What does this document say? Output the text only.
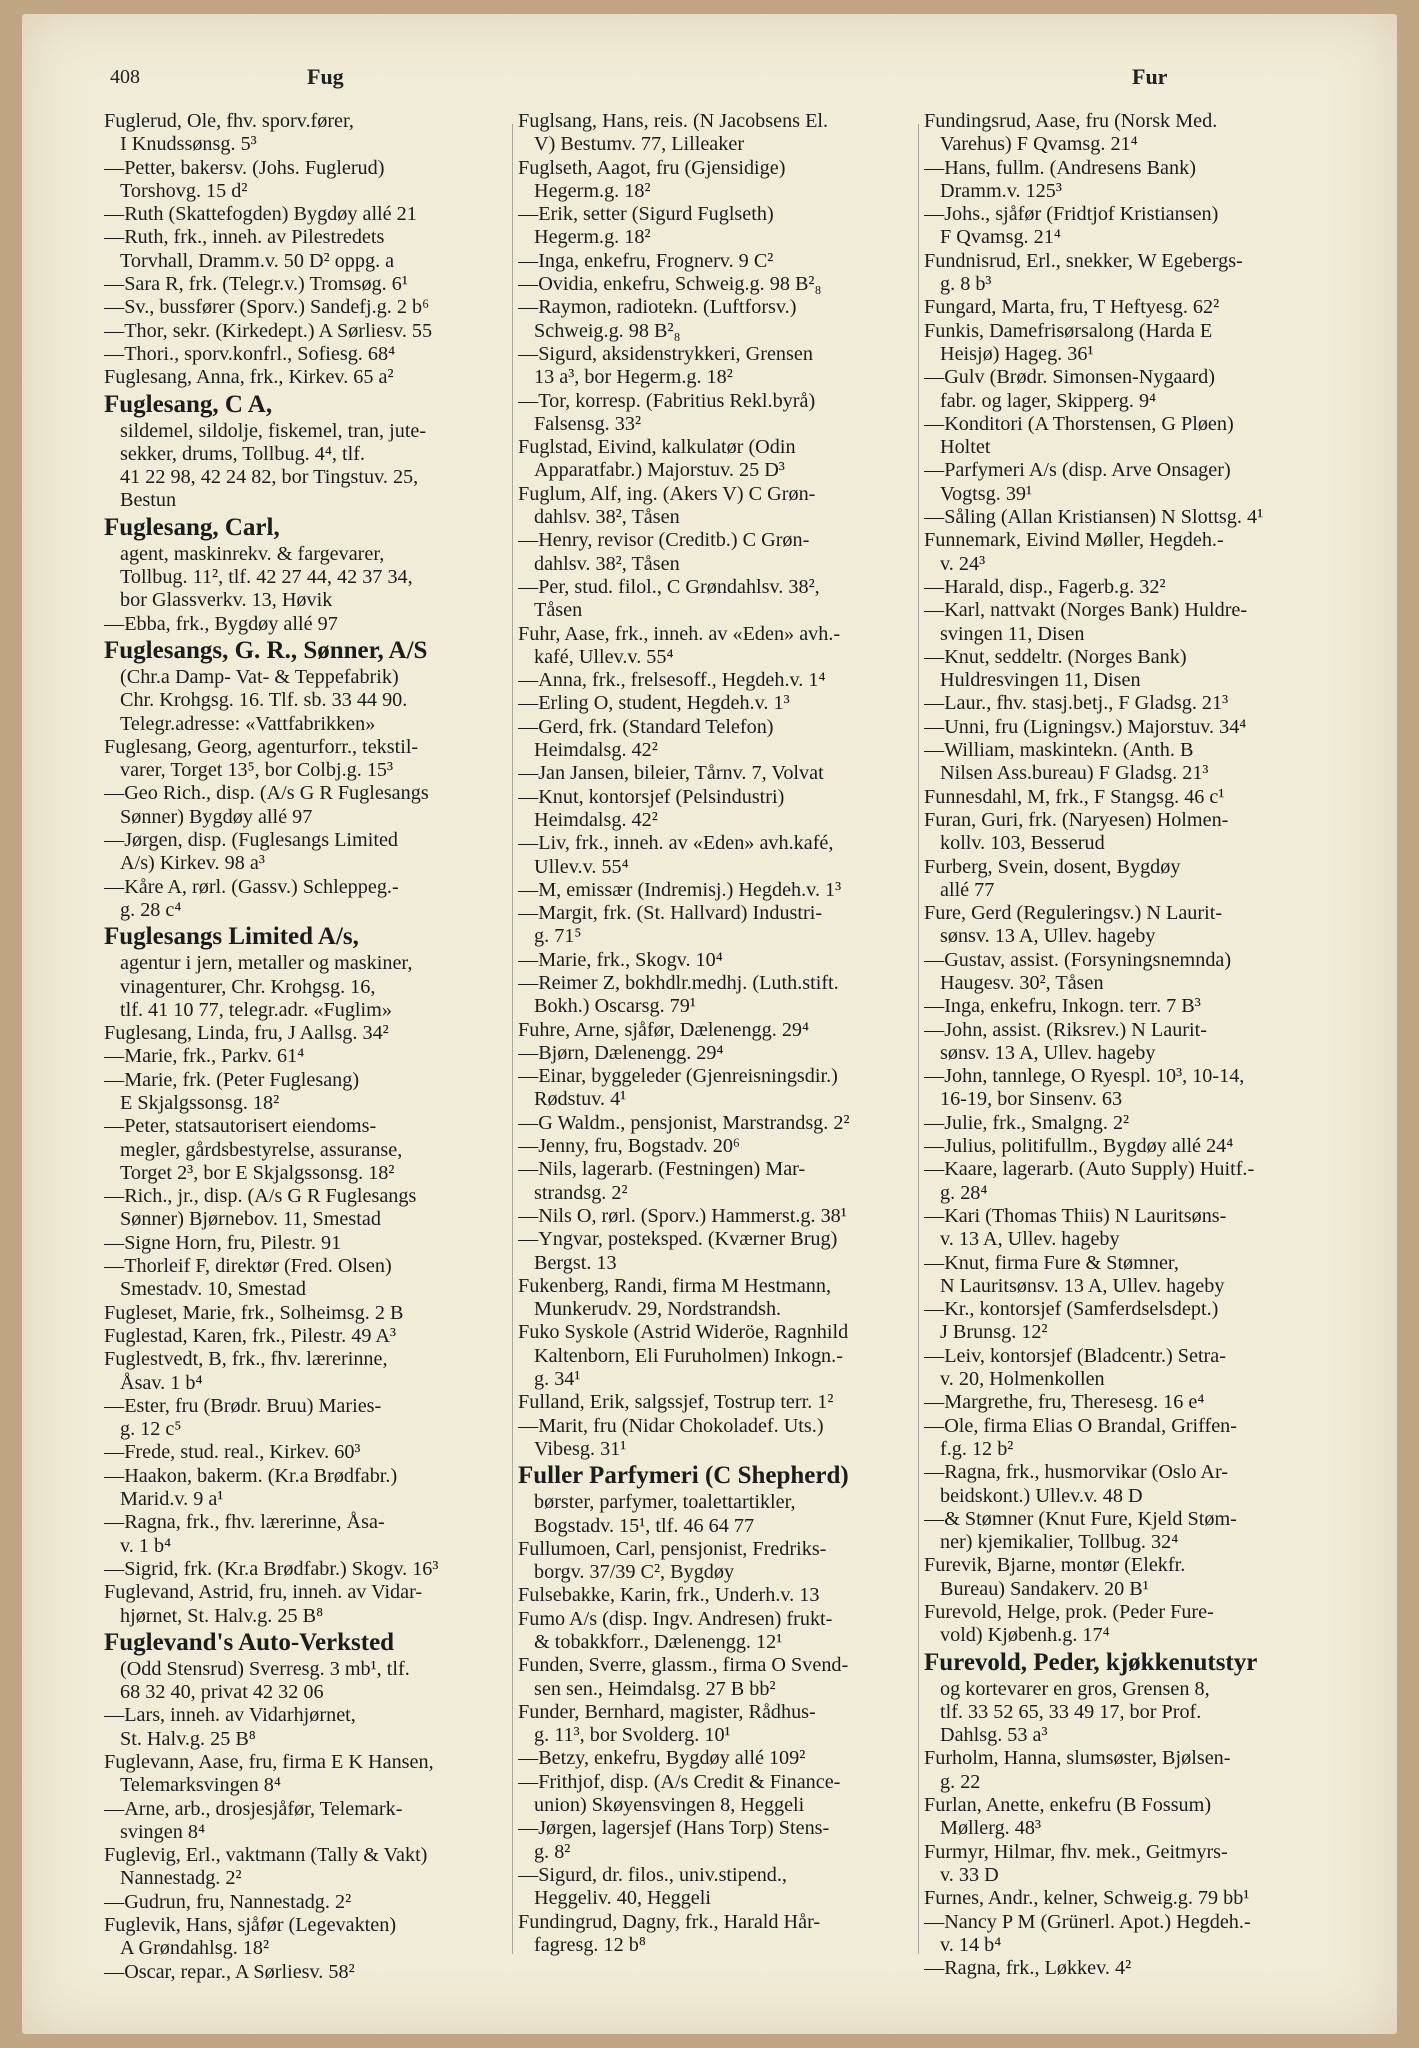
408	Fug	Fur
Fuglerud, Ole, fhv. sporv.fører,
I Knudssønsg. 5³
—Petter, bakersv. (Johs. Fuglerud)
Torshovg. 15 d²
—Ruth (Skattefogden) Bygdøy allé 21
—Ruth, frk., inneh. av Pilestredets
Torvhall, Dramm.v. 50 D² oppg. a
—Sara R, frk. (Telegr.v.) Tromsøg. 6¹
—Sv., bussfører (Sporv.) Sandefj.g. 2 b⁶
—Thor, sekr. (Kirkedept.) A Sørliesv. 55
—Thori., sporv.konfrl., Sofiesg. 68⁴
Fuglesang, Anna, frk., Kirkev. 65 a²
Fuglesang, C A,
sildemel, sildolje, fiskemel, tran, jute-
sekker, drums, Tollbug. 4⁴, tlf.
41 22 98, 42 24 82, bor Tingstuv. 25,
Bestun
Fuglesang, Carl,
agent, maskinrekv. & fargevarer,
Tollbug. 11², tlf. 42 27 44, 42 37 34,
bor Glassverkv. 13, Høvik
—Ebba, frk., Bygdøy allé 97
Fuglesangs, G. R., Sønner, A/S
(Chr.a Damp- Vat- & Teppefabrik)
Chr. Krohgsg. 16. Tlf. sb. 33 44 90.
Telegr.adresse: «Vattfabrikken»
Fuglesang, Georg, agenturforr., tekstil-
varer, Torget 13⁵, bor Colbj.g. 15³
—Geo Rich., disp. (A/s G R Fuglesangs
Sønner) Bygdøy allé 97
—Jørgen, disp. (Fuglesangs Limited
A/s) Kirkev. 98 a³
—Kåre A, rørl. (Gassv.) Schleppeg.-
g. 28 c⁴
Fuglesangs Limited A/s,
agentur i jern, metaller og maskiner,
vinagenturer, Chr. Krohgsg. 16,
tlf. 41 10 77, telegr.adr. «Fuglim»
Fuglesang, Linda, fru, J Aallsg. 34²
—Marie, frk., Parkv. 61⁴
—Marie, frk. (Peter Fuglesang)
E Skjalgssonsg. 18²
—Peter, statsautorisert eiendoms-
megler, gårdsbestyrelse, assuranse,
Torget 2³, bor E Skjalgssonsg. 18²
—Rich., jr., disp. (A/s G R Fuglesangs
Sønner) Bjørnebov. 11, Smestad
—Signe Horn, fru, Pilestr. 91
—Thorleif F, direktør (Fred. Olsen)
Smestadv. 10, Smestad
Fugleset, Marie, frk., Solheimsg. 2 B
Fuglestad, Karen, frk., Pilestr. 49 A³
Fuglestvedt, B, frk., fhv. lærerinne,
Åsav. 1 b⁴
—Ester, fru (Brødr. Bruu) Maries-
g. 12 c⁵
—Frede, stud. real., Kirkev. 60³
—Haakon, bakerm. (Kr.a Brødfabr.)
Marid.v. 9 a¹
—Ragna, frk., fhv. lærerinne, Åsa-
v. 1 b⁴
—Sigrid, frk. (Kr.a Brødfabr.) Skogv. 16³
Fuglevand, Astrid, fru, inneh. av Vidar-
hjørnet, St. Halv.g. 25 B⁸
Fuglevand's Auto-Verksted
(Odd Stensrud) Sverresg. 3 mb¹, tlf.
68 32 40, privat 42 32 06
—Lars, inneh. av Vidarhjørnet,
St. Halv.g. 25 B⁸
Fuglevann, Aase, fru, firma E K Hansen,
Telemarksvingen 8⁴
—Arne, arb., drosjesjåfør, Telemark-
svingen 8⁴
Fuglevig, Erl., vaktmann (Tally & Vakt)
Nannestadg. 2²
—Gudrun, fru, Nannestadg. 2²
Fuglevik, Hans, sjåfør (Legevakten)
A Grøndahlsg. 18²
—Oscar, repar., A Sørliesv. 58²
Fuglsang, Hans, reis. (N Jacobsens El.
V) Bestumv. 77, Lilleaker
Fuglseth, Aagot, fru (Gjensidige)
Hegerm.g. 18²
—Erik, setter (Sigurd Fuglseth)
Hegerm.g. 18²
—Inga, enkefru, Frognerv. 9 C²
—Ovidia, enkefru, Schweig.g. 98 B²₈
—Raymon, radiotekn. (Luftforsv.)
Schweig.g. 98 B²₈
—Sigurd, aksidenstrykkeri, Grensen
13 a³, bor Hegerm.g. 18²
—Tor, korresp. (Fabritius Rekl.byrå)
Falsensg. 33²
Fuglstad, Eivind, kalkulatør (Odin
Apparatfabr.) Majorstuv. 25 D³
Fuglum, Alf, ing. (Akers V) C Grøn-
dahlsv. 38², Tåsen
—Henry, revisor (Creditb.) C Grøn-
dahlsv. 38², Tåsen
—Per, stud. filol., C Grøndahlsv. 38²,
Tåsen
Fuhr, Aase, frk., inneh. av «Eden» avh.-
kafé, Ullev.v. 55⁴
—Anna, frk., frelsesoff., Hegdeh.v. 1⁴
—Erling O, student, Hegdeh.v. 1³
—Gerd, frk. (Standard Telefon)
Heimdalsg. 42²
—Jan Jansen, bileier, Tårnv. 7, Volvat
—Knut, kontorsjef (Pelsindustri)
Heimdalsg. 42²
—Liv, frk., inneh. av «Eden» avh.kafé,
Ullev.v. 55⁴
—M, emissær (Indremisj.) Hegdeh.v. 1³
—Margit, frk. (St. Hallvard) Industri-
g. 71⁵
—Marie, frk., Skogv. 10⁴
—Reimer Z, bokhdlr.medhj. (Luth.stift.
Bokh.) Oscarsg. 79¹
Fuhre, Arne, sjåfør, Dælenengg. 29⁴
—Bjørn, Dælenengg. 29⁴
—Einar, byggeleder (Gjenreisningsdir.)
Rødstuv. 4¹
—G Waldm., pensjonist, Marstrandsg. 2²
—Jenny, fru, Bogstadv. 20⁶
—Nils, lagerarb. (Festningen) Mar-
strandsg. 2²
—Nils O, rørl. (Sporv.) Hammerst.g. 38¹
—Yngvar, posteksped. (Kværner Brug)
Bergst. 13
Fukenberg, Randi, firma M Hestmann,
Munkerudv. 29, Nordstrandsh.
Fuko Syskole (Astrid Wideröe, Ragnhild
Kaltenborn, Eli Furuholmen) Inkogn.-
g. 34¹
Fulland, Erik, salgssjef, Tostrup terr. 1²
—Marit, fru (Nidar Chokoladef. Uts.)
Vibesg. 31¹
Fuller Parfymeri (C Shepherd)
børster, parfymer, toalettartikler,
Bogstadv. 15¹, tlf. 46 64 77
Fullumoen, Carl, pensjonist, Fredriks-
borgv. 37/39 C², Bygdøy
Fulsebakke, Karin, frk., Underh.v. 13
Fumo A/s (disp. Ingv. Andresen) frukt-
& tobakkforr., Dælenengg. 12¹
Funden, Sverre, glassm., firma O Svend-
sen sen., Heimdalsg. 27 B bb²
Funder, Bernhard, magister, Rådhus-
g. 11³, bor Svolderg. 10¹
—Betzy, enkefru, Bygdøy allé 109²
—Frithjof, disp. (A/s Credit & Finance-
union) Skøyensvingen 8, Heggeli
—Jørgen, lagersjef (Hans Torp) Stens-
g. 8²
—Sigurd, dr. filos., univ.stipend.,
Heggeliv. 40, Heggeli
Fundingrud, Dagny, frk., Harald Hår-
fagresg. 12 b⁸
Fundingsrud, Aase, fru (Norsk Med.
Varehus) F Qvamsg. 21⁴
—Hans, fullm. (Andresens Bank)
Dramm.v. 125³
—Johs., sjåfør (Fridtjof Kristiansen)
F Qvamsg. 21⁴
Fundnisrud, Erl., snekker, W Egebergs-
g. 8 b³
Fungard, Marta, fru, T Heftyesg. 62²
Funkis, Damefrisørsalong (Harda E
Heisjø) Hageg. 36¹
—Gulv (Brødr. Simonsen-Nygaard)
fabr. og lager, Skipperg. 9⁴
—Konditori (A Thorstensen, G Pløen)
Holtet
—Parfymeri A/s (disp. Arve Onsager)
Vogtsg. 39¹
—Såling (Allan Kristiansen) N Slottsg. 4¹
Funnemark, Eivind Møller, Hegdeh.-
v. 24³
—Harald, disp., Fagerb.g. 32²
—Karl, nattvakt (Norges Bank) Huldre-
svingen 11, Disen
—Knut, seddeltr. (Norges Bank)
Huldresvingen 11, Disen
—Laur., fhv. stasj.betj., F Gladsg. 21³
—Unni, fru (Ligningsv.) Majorstuv. 34⁴
—William, maskintekn. (Anth. B
Nilsen Ass.bureau) F Gladsg. 21³
Funnesdahl, M, frk., F Stangsg. 46 c¹
Furan, Guri, frk. (Naryesen) Holmen-
kollv. 103, Besserud
Furberg, Svein, dosent, Bygdøy
allé 77
Fure, Gerd (Reguleringsv.) N Laurit-
sønsv. 13 A, Ullev. hageby
—Gustav, assist. (Forsyningsnemnda)
Haugesv. 30², Tåsen
—Inga, enkefru, Inkogn. terr. 7 B³
—John, assist. (Riksrev.) N Laurit-
sønsv. 13 A, Ullev. hageby
—John, tannlege, O Ryespl. 10³, 10-14,
16-19, bor Sinsenv. 63
—Julie, frk., Smalgng. 2²
—Julius, politifullm., Bygdøy allé 24⁴
—Kaare, lagerarb. (Auto Supply) Huitf.-
g. 28⁴
—Kari (Thomas Thiis) N Lauritsøns-
v. 13 A, Ullev. hageby
—Knut, firma Fure & Stømner,
N Lauritsønsv. 13 A, Ullev. hageby
—Kr., kontorsjef (Samferdselsdept.)
J Brunsg. 12²
—Leiv, kontorsjef (Bladcentr.) Setra-
v. 20, Holmenkollen
—Margrethe, fru, Theresesg. 16 e⁴
—Ole, firma Elias O Brandal, Griffen-
f.g. 12 b²
—Ragna, frk., husmorvikar (Oslo Ar-
beidskont.) Ullev.v. 48 D
—& Stømner (Knut Fure, Kjeld Støm-
ner) kjemikalier, Tollbug. 32⁴
Furevik, Bjarne, montør (Elekfr.
Bureau) Sandakerv. 20 B¹
Furevold, Helge, prok. (Peder Fure-
vold) Kjøbenh.g. 17⁴
Furevold, Peder, kjøkkenutstyr
og kortevarer en gros, Grensen 8,
tlf. 33 52 65, 33 49 17, bor Prof.
Dahlsg. 53 a³
Furholm, Hanna, slumsøster, Bjølsen-
g. 22
Furlan, Anette, enkefru (B Fossum)
Møllerg. 48³
Furmyr, Hilmar, fhv. mek., Geitmyrs-
v. 33 D
Furnes, Andr., kelner, Schweig.g. 79 bb¹
—Nancy P M (Grünerl. Apot.) Hegdeh.-
v. 14 b⁴
—Ragna, frk., Løkkev. 4²
